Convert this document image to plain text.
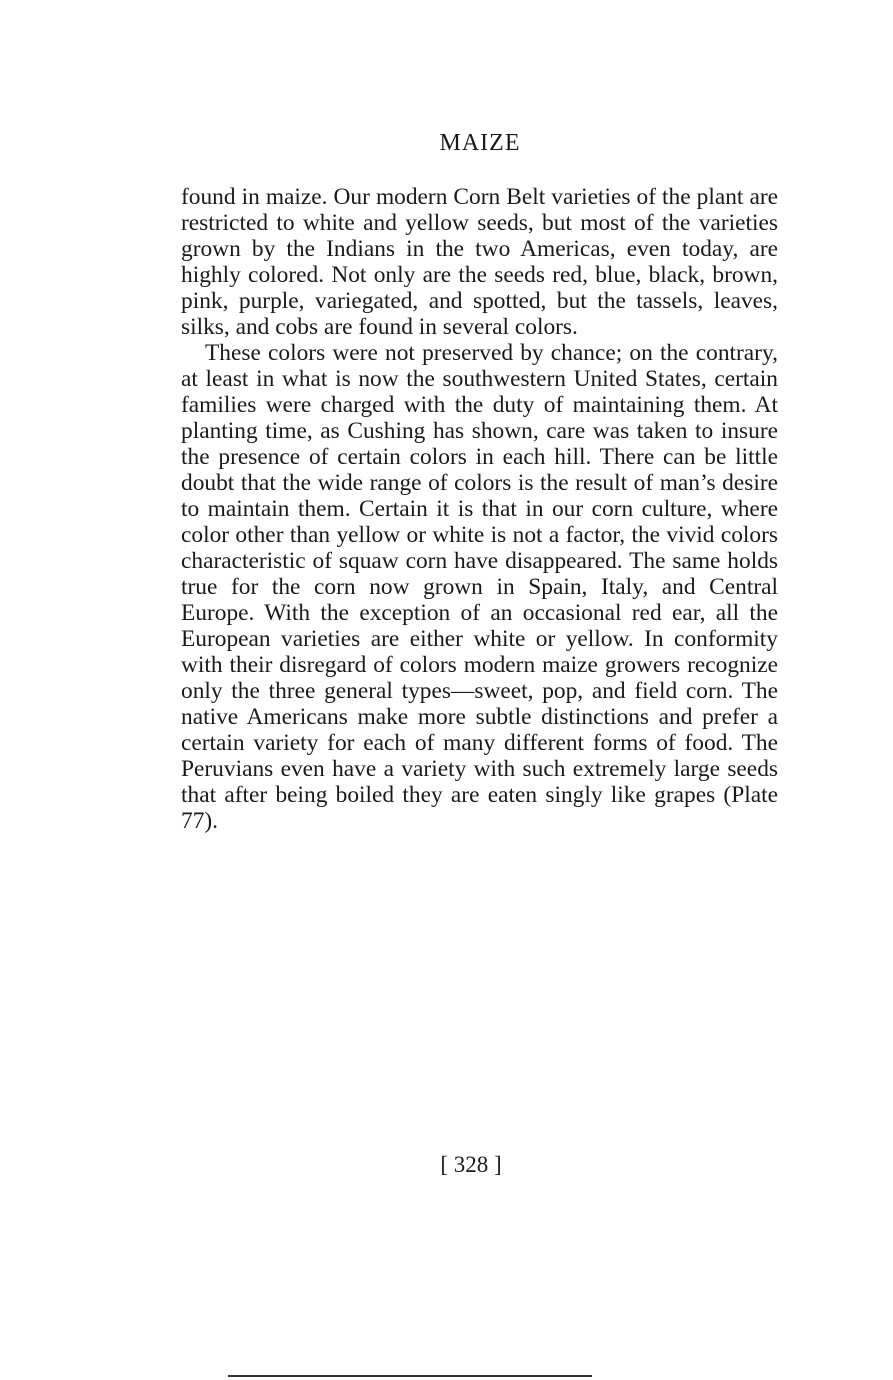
MAIZE

found in maize. Our modern Corn Belt varieties of the plant are restricted to white and yellow seeds, but most of the varieties grown by the Indians in the two Americas, even today, are highly colored. Not only are the seeds red, blue, black, brown, pink, purple, variegated, and spotted, but the tassels, leaves, silks, and cobs are found in several colors.

These colors were not preserved by chance; on the contrary, at least in what is now the southwestern United States, certain families were charged with the duty of maintaining them. At planting time, as Cushing has shown, care was taken to insure the presence of certain colors in each hill. There can be little doubt that the wide range of colors is the result of man’s desire to maintain them. Certain it is that in our corn culture, where color other than yellow or white is not a factor, the vivid colors characteristic of squaw corn have disappeared. The same holds true for the corn now grown in Spain, Italy, and Central Europe. With the exception of an occasional red ear, all the European varieties are either white or yellow. In conformity with their disregard of colors modern maize growers recognize only the three general types—sweet, pop, and field corn. The native Americans make more subtle distinctions and prefer a certain variety for each of many different forms of food. The Peruvians even have a variety with such extremely large seeds that after being boiled they are eaten singly like grapes (Plate 77).

[ 328 ]
